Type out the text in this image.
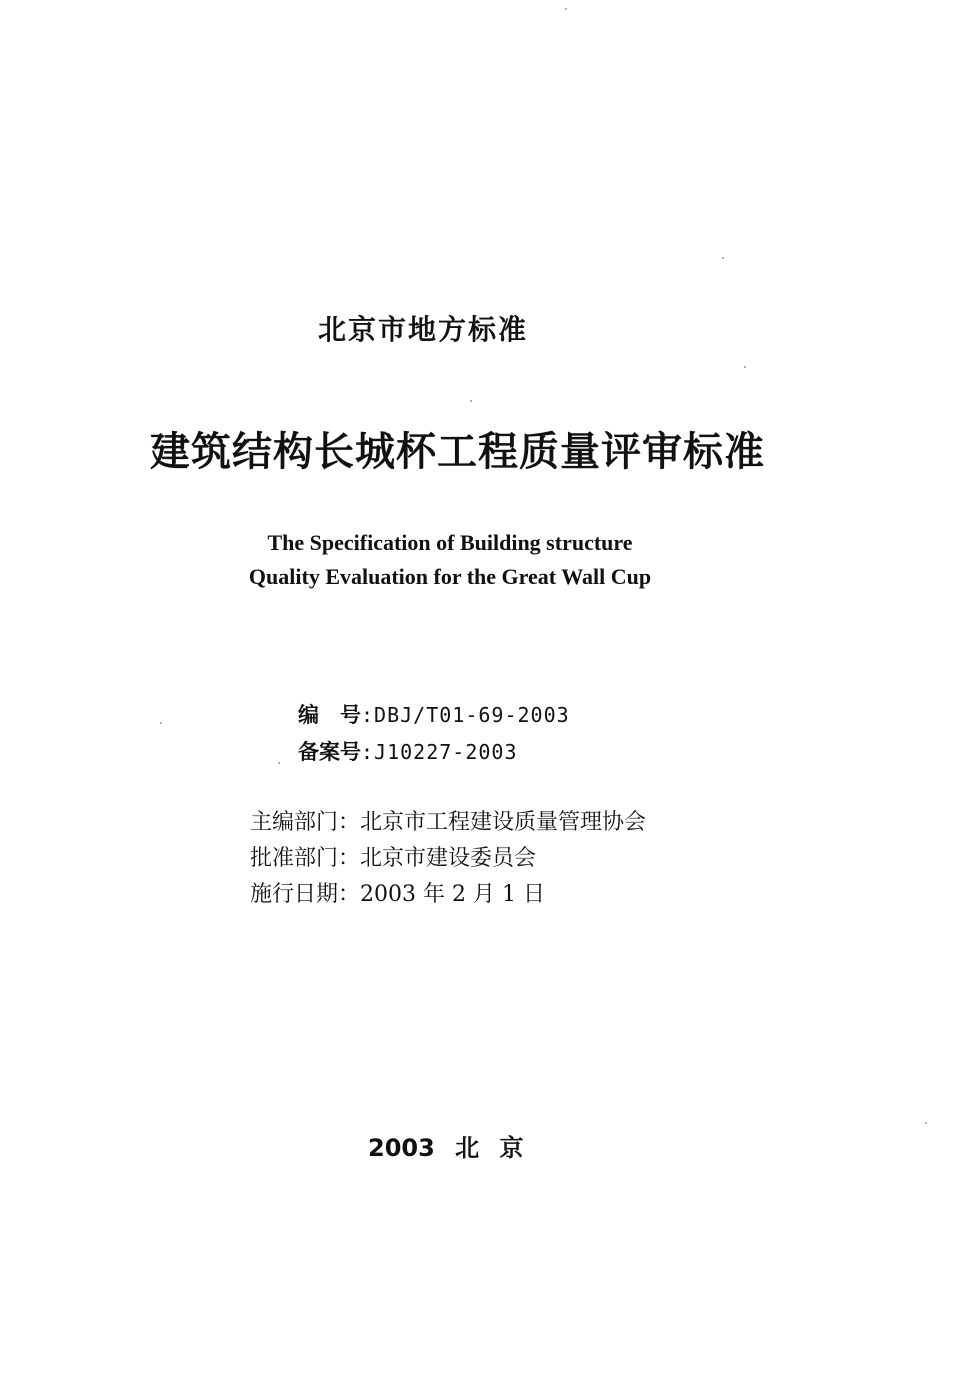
北京市地方标准
建筑结构长城杯工程质量评审标准
The Specification of Building structure
Quality Evaluation for the Great Wall Cup
编　号:DBJ/T01-69-2003
备案号:J10227-2003
主编部门：北京市工程建设质量管理协会
批准部门：北京市建设委员会
施行日期：2003 年 2 月 1 日
2003 北 京
